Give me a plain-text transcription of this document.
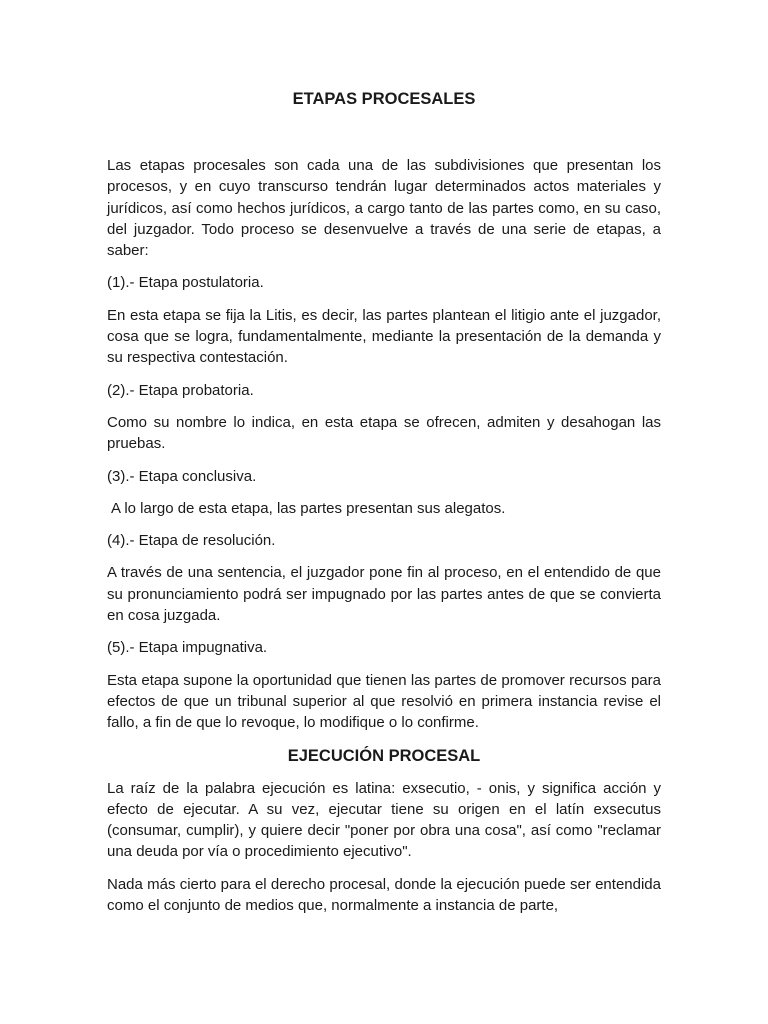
ETAPAS PROCESALES

Las etapas procesales son cada una de las subdivisiones que presentan los procesos, y en cuyo transcurso tendrán lugar determinados actos materiales y jurídicos, así como hechos jurídicos, a cargo tanto de las partes como, en su caso, del juzgador. Todo proceso se desenvuelve a través de una serie de etapas, a saber:

(1).- Etapa postulatoria.

En esta etapa se fija la Litis, es decir, las partes plantean el litigio ante el juzgador, cosa que se logra, fundamentalmente, mediante la presentación de la demanda y su respectiva contestación.

(2).- Etapa probatoria.

Como su nombre lo indica, en esta etapa se ofrecen, admiten y desahogan las pruebas.

(3).- Etapa conclusiva.

A lo largo de esta etapa, las partes presentan sus alegatos.

(4).- Etapa de resolución.

A través de una sentencia, el juzgador pone fin al proceso, en el entendido de que su pronunciamiento podrá ser impugnado por las partes antes de que se convierta en cosa juzgada.

(5).- Etapa impugnativa.

Esta etapa supone la oportunidad que tienen las partes de promover recursos para efectos de que un tribunal superior al que resolvió en primera instancia revise el fallo, a fin de que lo revoque, lo modifique o lo confirme.

EJECUCIÓN PROCESAL

La raíz de la palabra ejecución es latina: exsecutio, - onis, y significa acción y efecto de ejecutar. A su vez, ejecutar tiene su origen en el latín exsecutus (consumar, cumplir), y quiere decir "poner por obra una cosa", así como "reclamar una deuda por vía o procedimiento ejecutivo".

Nada más cierto para el derecho procesal, donde la ejecución puede ser entendida como el conjunto de medios que, normalmente a instancia de parte,
